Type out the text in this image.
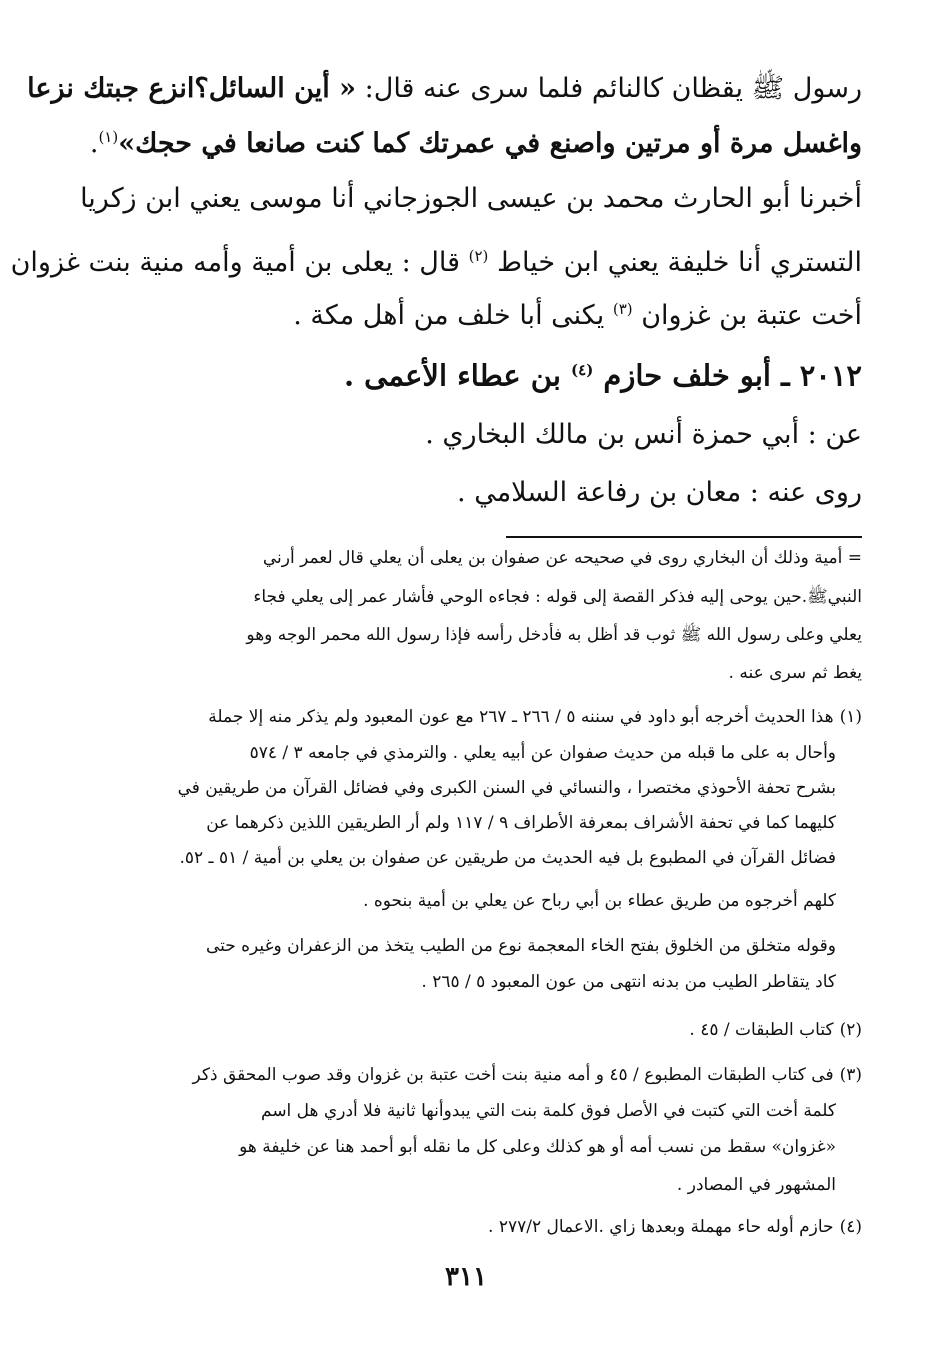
رسول ﷺ يقظان كالنائم فلما سرى عنه قال: « أين السائل؟انزع جبتك نزعا
واغسل مرة أو مرتين واصنع في عمرتك كما كنت صانعا في حجك»$^{(١)}$.
أخبرنا أبو الحارث محمد بن عيسى الجوزجاني أنا موسى يعني ابن زكريا
التستري أنا خليفة يعني ابن خياط $^{(٢)}$ قال : يعلى بن أمية وأمه منية بنت غزوان
أخت عتبة بن غزوان $^{(٣)}$ يكنى أبا خلف من أهل مكة .
٢٠١٢ ـ أبو خلف حازم $^{(٤)}$ بن عطاء الأعمى .
عن : أبي حمزة أنس بن مالك البخاري .
روى عنه : معان بن رفاعة السلامي .
= أمية وذلك أن البخاري روى في صحيحه عن صفوان بن يعلى أن يعلي قال لعمر أرني
النبيﷺ.حين يوحى إليه فذكر القصة إلى قوله : فجاءه الوحي فأشار عمر إلى يعلي فجاء
يعلي وعلى رسول الله ﷺ ثوب قد أظل به فأدخل رأسه فإذا رسول الله محمر الوجه وهو
يغط ثم سرى عنه .
(١)هذا الحديث أخرجه أبو داود في سننه ٥ / ٢٦٦ ـ ٢٦٧ مع عون المعبود ولم يذكر منه إلا جملة
وأحال به على ما قبله من حديث صفوان عن أبيه يعلي . والترمذي في جامعه ٣ / ٥٧٤
بشرح تحفة الأحوذي مختصرا ، والنسائي في السنن الكبرى وفي فضائل القرآن من طريقين في
كليهما كما في تحفة الأشراف بمعرفة الأطراف ٩ / ١١٧ ولم أر الطريقين اللذين ذكرهما عن
فضائل القرآن في المطبوع بل فيه الحديث من طريقين عن صفوان بن يعلي بن أمية / ٥١ ـ ٥٢.
كلهم أخرجوه من طريق عطاء بن أبي رباح عن يعلي بن أمية بنحوه .
وقوله متخلق من الخلوق بفتح الخاء المعجمة نوع من الطيب يتخذ من الزعفران وغيره حتى
كاد يتقاطر الطيب من بدنه انتهى من عون المعبود ٥ / ٢٦٥ .
(٢)كتاب الطبقات / ٤٥ .
(٣)فى كتاب الطبقات المطبوع / ٤٥ و أمه منية بنت أخت عتبة بن غزوان وقد صوب المحقق ذكر
كلمة أخت التي كتبت في الأصل فوق كلمة بنت التي يبدوأنها ثانية فلا أدري هل اسم
«غزوان» سقط من نسب أمه أو هو كذلك وعلى كل ما نقله أبو أحمد هنا عن خليفة هو
المشهور في المصادر .
(٤)حازم أوله حاء مهملة وبعدها زاي .الاعمال ٢٧٧/٢ .
٣١١
